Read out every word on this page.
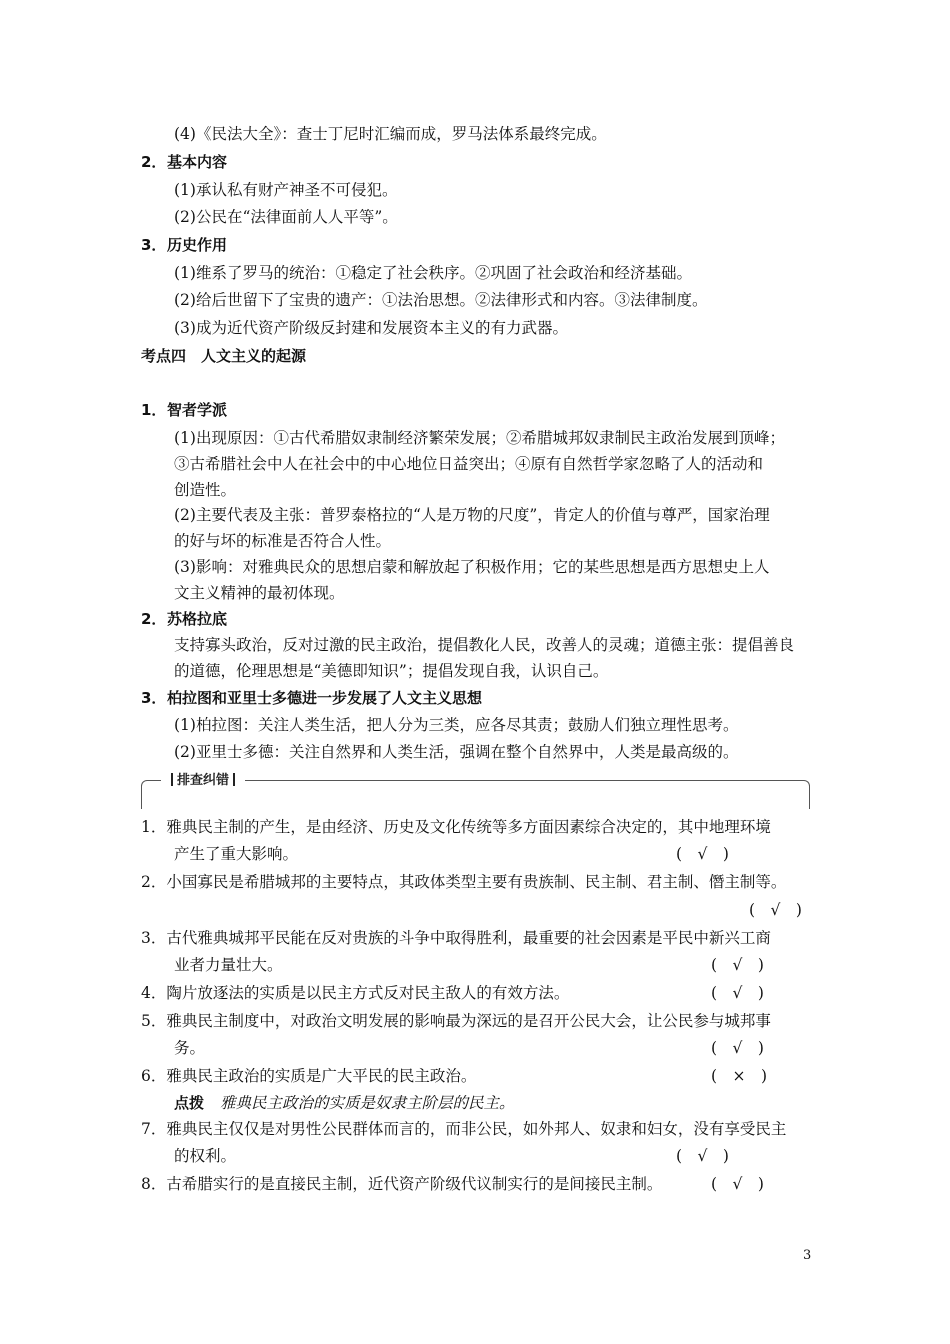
(4)《民法大全》：查士丁尼时汇编而成，罗马法体系最终完成。
2．基本内容
(1)承认私有财产神圣不可侵犯。
(2)公民在“法律面前人人平等”。
3．历史作用
(1)维系了罗马的统治：①稳定了社会秩序。②巩固了社会政治和经济基础。
(2)给后世留下了宝贵的遗产：①法治思想。②法律形式和内容。③法律制度。
(3)成为近代资产阶级反封建和发展资本主义的有力武器。
考点四　人文主义的起源
1．智者学派
(1)出现原因：①古代希腊奴隶制经济繁荣发展；②希腊城邦奴隶制民主政治发展到顶峰；
③古希腊社会中人在社会中的中心地位日益突出；④原有自然哲学家忽略了人的活动和
创造性。
(2)主要代表及主张：普罗泰格拉的“人是万物的尺度”，肯定人的价值与尊严，国家治理
的好与坏的标准是否符合人性。
(3)影响：对雅典民众的思想启蒙和解放起了积极作用；它的某些思想是西方思想史上人
文主义精神的最初体现。
2．苏格拉底
支持寡头政治，反对过激的民主政治，提倡教化人民，改善人的灵魂；道德主张：提倡善良
的道德，伦理思想是“美德即知识”；提倡发现自我，认识自己。
3．柏拉图和亚里士多德进一步发展了人文主义思想
(1)柏拉图：关注人类生活，把人分为三类，应各尽其责；鼓励人们独立理性思考。
(2)亚里士多德：关注自然界和人类生活，强调在整个自然界中，人类是最高级的。
排查纠错
1．雅典民主制的产生，是由经济、历史及文化传统等多方面因素综合决定的，其中地理环境
产生了重大影响。	(　√　)
2．小国寡民是希腊城邦的主要特点，其政体类型主要有贵族制、民主制、君主制、僭主制等。
(　√　)
3．古代雅典城邦平民能在反对贵族的斗争中取得胜利，最重要的社会因素是平民中新兴工商
业者力量壮大。	(　√　)
4．陶片放逐法的实质是以民主方式反对民主敌人的有效方法。	(　√　)
5．雅典民主制度中，对政治文明发展的影响最为深远的是召开公民大会，让公民参与城邦事
务。	(　√　)
6．雅典民主政治的实质是广大平民的民主政治。	(　×　)
点拨 雅典民主政治的实质是奴隶主阶层的民主。
7．雅典民主仅仅是对男性公民群体而言的，而非公民，如外邦人、奴隶和妇女，没有享受民主
的权利。	(　√　)
8．古希腊实行的是直接民主制，近代资产阶级代议制实行的是间接民主制。	(　√　)
3
